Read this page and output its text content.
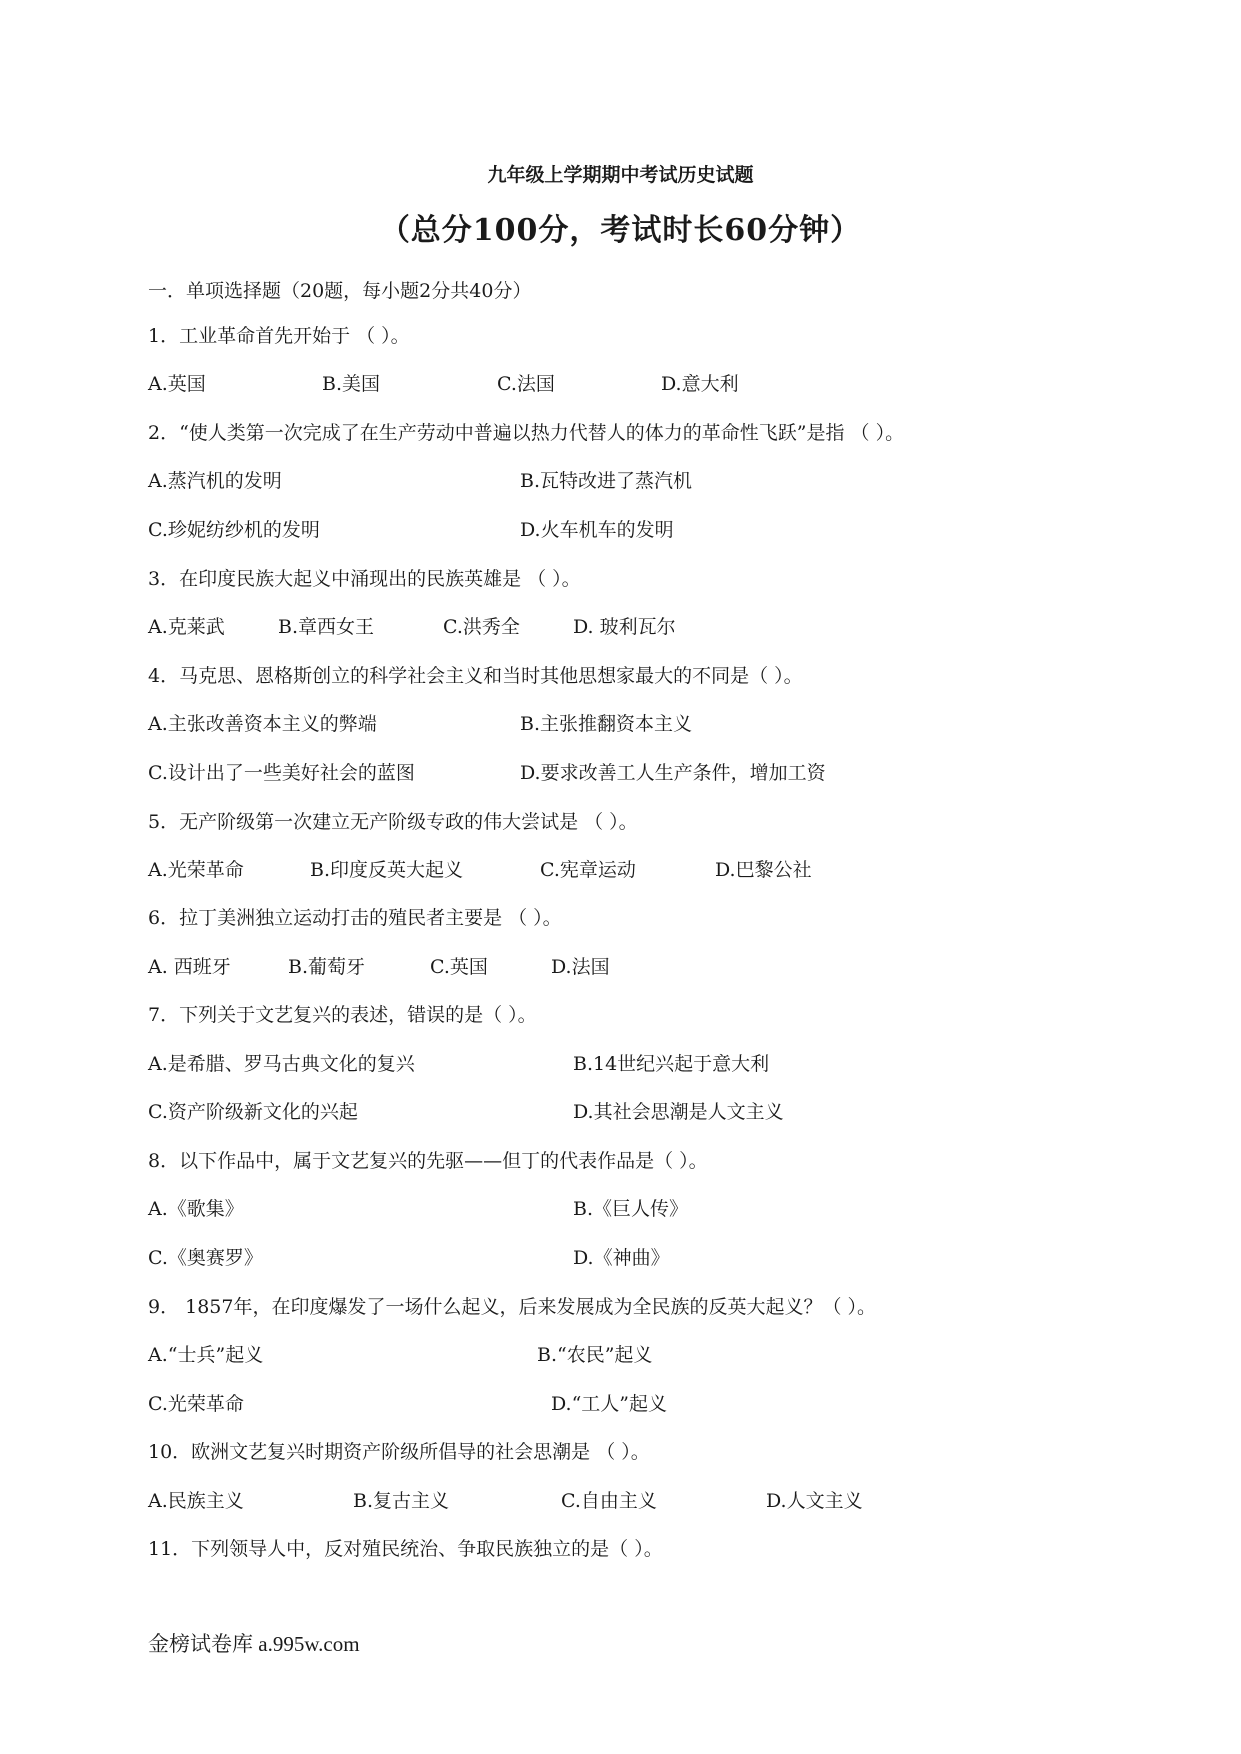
九年级上学期期中考试历史试题
（总分100分，考试时长60分钟）
一．单项选择题（20题，每小题2分共40分）
1．工业革命首先开始于 （ ）。
A.英国	B.美国	C.法国	D.意大利
2．“使人类第一次完成了在生产劳动中普遍以热力代替人的体力的革命性飞跃”是指 （ ）。
A.蒸汽机的发明	B.瓦特改进了蒸汽机
C.珍妮纺纱机的发明	D.火车机车的发明
3．在印度民族大起义中涌现出的民族英雄是 （ ）。
A.克莱武	B.章西女王	C.洪秀全	D. 玻利瓦尔
4．马克思、恩格斯创立的科学社会主义和当时其他思想家最大的不同是（ ）。
A.主张改善资本主义的弊端	B.主张推翻资本主义
C.设计出了一些美好社会的蓝图	D.要求改善工人生产条件，增加工资
5．无产阶级第一次建立无产阶级专政的伟大尝试是 （ ）。
A.光荣革命	B.印度反英大起义	C.宪章运动	D.巴黎公社
6．拉丁美洲独立运动打击的殖民者主要是 （ ）。
A. 西班牙	B.葡萄牙	C.英国	D.法国
7．下列关于文艺复兴的表述，错误的是（ ）。
A.是希腊、罗马古典文化的复兴	B.14世纪兴起于意大利
C.资产阶级新文化的兴起	D.其社会思潮是人文主义
8．以下作品中，属于文艺复兴的先驱——但丁的代表作品是（ ）。
A.《歌集》	B.《巨人传》
C.《奥赛罗》	D.《神曲》
9． 1857年，在印度爆发了一场什么起义，后来发展成为全民族的反英大起义？（ ）。
A.“士兵”起义	B.“农民”起义
C.光荣革命	D.“工人”起义
10．欧洲文艺复兴时期资产阶级所倡导的社会思潮是 （ ）。
A.民族主义	B.复古主义	C.自由主义	D.人文主义
11．下列领导人中，反对殖民统治、争取民族独立的是（ ）。
金榜试卷库 a.995w.com
